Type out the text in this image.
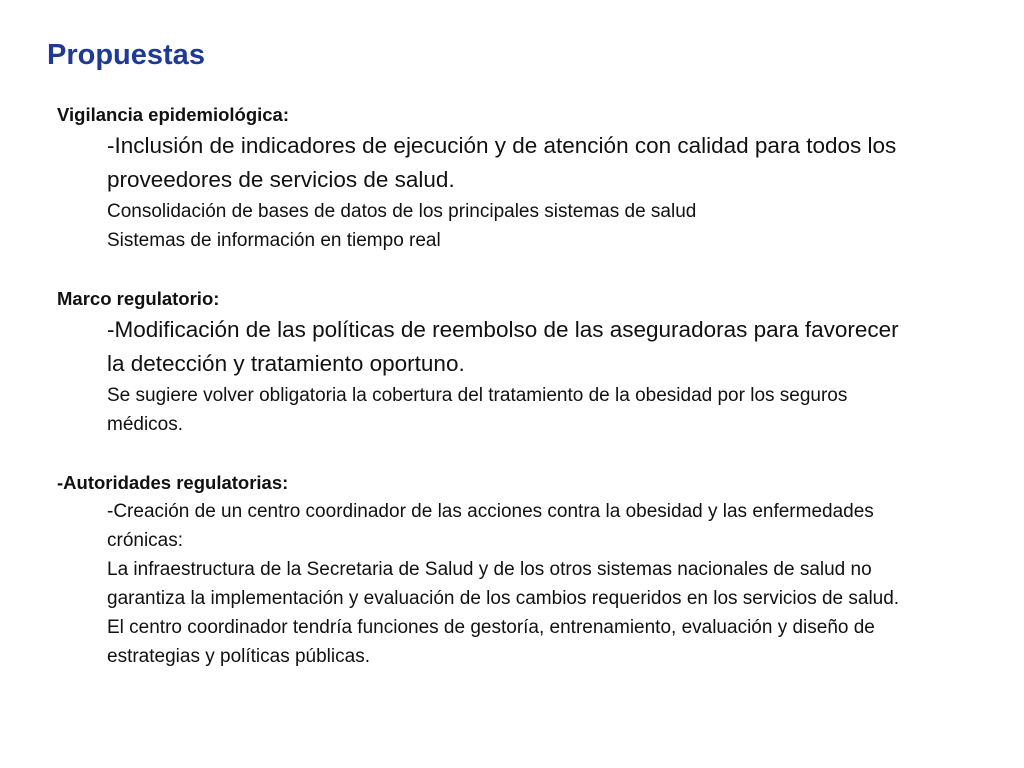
Propuestas
Vigilancia epidemiológica:
-Inclusión de indicadores de ejecución y de atención con calidad para todos los proveedores de servicios de salud.
Consolidación de bases de datos de los principales sistemas de salud
Sistemas de información en tiempo real
Marco regulatorio:
-Modificación de las políticas de reembolso de las aseguradoras para favorecer la detección y tratamiento oportuno.
Se sugiere volver obligatoria la cobertura del tratamiento de la obesidad por los seguros médicos.
-Autoridades regulatorias:
-Creación de un centro coordinador de las acciones contra la obesidad y las enfermedades crónicas:
La infraestructura de la Secretaria de Salud y de los otros sistemas nacionales de salud no garantiza la implementación y evaluación de los cambios requeridos en los servicios de salud. El centro coordinador tendría funciones de gestoría, entrenamiento, evaluación y diseño de estrategias y políticas públicas.
